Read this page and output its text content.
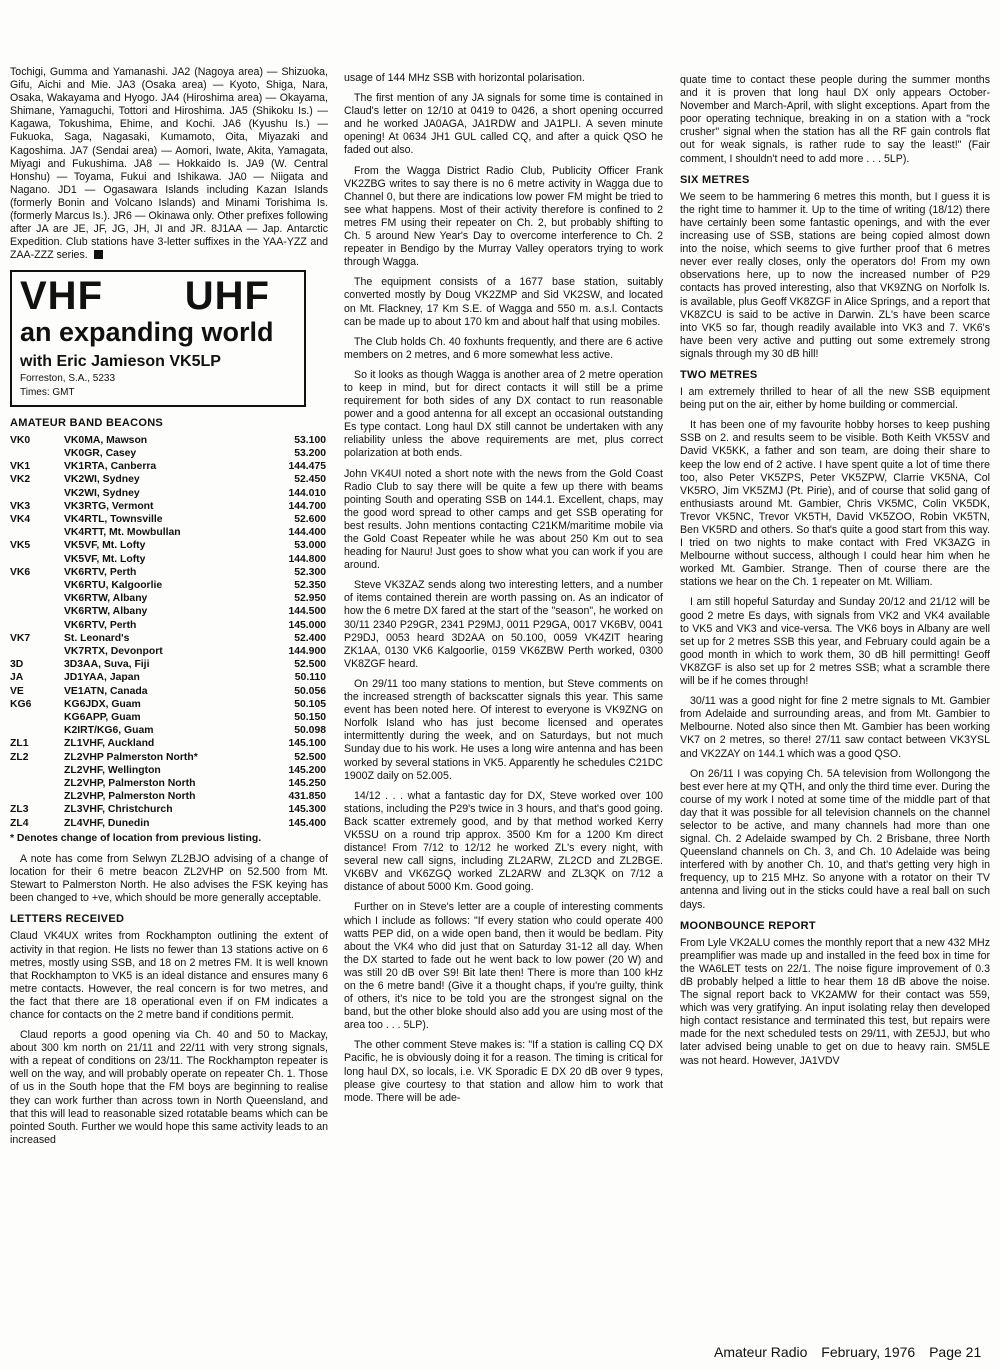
Tochigi, Gumma and Yamanashi. JA2 (Nagoya area) — Shizuoka, Gifu, Aichi and Mie. JA3 (Osaka area) — Kyoto, Shiga, Nara, Osaka, Wakayama and Hyogo. JA4 (Hiroshima area) — Okayama, Shimane, Yamaguchi, Tottori and Hiroshima. JA5 (Shikoku Is.) — Kagawa, Tokushima, Ehime, and Kochi. JA6 (Kyushu Is.) — Fukuoka, Saga, Nagasaki, Kumamoto, Oita, Miyazaki and Kagoshima. JA7 (Sendai area) — Aomori, Iwate, Akita, Yamagata, Miyagi and Fukushima. JA8 — Hokkaido Is. JA9 (W. Central Honshu) — Toyama, Fukui and Ishikawa. JA0 — Niigata and Nagano. JD1 — Ogasawara Islands including Kazan Islands (formerly Bonin and Volcano Islands) and Minami Torishima Is. (formerly Marcus Is.). JR6 — Okinawa only. Other prefixes following after JA are JE, JF, JG, JH, JI and JR. 8J1AA — Jap. Antarctic Expedition. Club stations have 3-letter suffixes in the YAA-YZZ and ZAA-ZZZ series.

VHF UHF
an expanding world
with Eric Jamieson VK5LP
Forreston, S.A., 5233
Times: GMT
AMATEUR BAND BEACONS
VK0	VK0MA, Mawson	53.100
	VK0GR, Casey	53.200
VK1	VK1RTA, Canberra	144.475
VK2	VK2WI, Sydney	52.450
	VK2WI, Sydney	144.010
VK3	VK3RTG, Vermont	144.700
VK4	VK4RTL, Townsville	52.600
	VK4RTT, Mt. Mowbullan	144.400
VK5	VK5VF, Mt. Lofty	53.000
	VK5VF, Mt. Lofty	144.800
VK6	VK6RTV, Perth	52.300
	VK6RTU, Kalgoorlie	52.350
	VK6RTW, Albany	52.950
	VK6RTW, Albany	144.500
	VK6RTV, Perth	145.000
VK7	St. Leonard's	52.400
	VK7RTX, Devonport	144.900
3D	3D3AA, Suva, Fiji	52.500
JA	JD1YAA, Japan	50.110
VE	VE1ATN, Canada	50.056
KG6	KG6JDX, Guam	50.105
	KG6APP, Guam	50.150
	K2IRT/KG6, Guam	50.098
ZL1	ZL1VHF, Auckland	145.100
ZL2	ZL2VHP Palmerston North*	52.500
	ZL2VHF, Wellington	145.200
	ZL2VHP, Palmerston North	145.250
	ZL2VHP, Palmerston North	431.850
ZL3	ZL3VHF, Christchurch	145.300
ZL4	ZL4VHF, Dunedin	145.400
* Denotes change of location from previous listing.

A note has come from Selwyn ZL2BJO advising of a change of location for their 6 metre beacon ZL2VHP on 52.500 from Mt. Stewart to Palmerston North. He also advises the FSK keying has been changed to +ve, which should be more generally acceptable.

LETTERS RECEIVED

Claud VK4UX writes from Rockhampton outlining the extent of activity in that region. He lists no fewer than 13 stations active on 6 metres, mostly using SSB, and 18 on 2 metres FM. It is well known that Rockhampton to VK5 is an ideal distance and ensures many 6 metre contacts. However, the real concern is for two metres, and the fact that there are 18 operational even if on FM indicates a chance for contacts on the 2 metre band if conditions permit.

Claud reports a good opening via Ch. 40 and 50 to Mackay, about 300 km north on 21/11 and 22/11 with very strong signals, with a repeat of conditions on 23/11. The Rockhampton repeater is well on the way, and will probably operate on repeater Ch. 1. Those of us in the South hope that the FM boys are beginning to realise they can work further than across town in North Queensland, and that this will lead to reasonable sized rotatable beams which can be pointed South. Further we would hope this same activity leads to an increased

usage of 144 MHz SSB with horizontal polarisation.

The first mention of any JA signals for some time is contained in Claud's letter on 12/10 at 0419 to 0426, a short opening occurred and he worked JA0AGA, JA1RDW and JA1PLI. A seven minute opening! At 0634 JH1 GUL called CQ, and after a quick QSO he faded out also.

From the Wagga District Radio Club, Publicity Officer Frank VK2ZBG writes to say there is no 6 metre activity in Wagga due to Channel 0, but there are indications low power FM might be tried to see what happens. Most of their activity therefore is confined to 2 metres FM using their repeater on Ch. 2, but probably shifting to Ch. 5 around New Year's Day to overcome interference to Ch. 2 repeater in Bendigo by the Murray Valley operators trying to work through Wagga.

The equipment consists of a 1677 base station, suitably converted mostly by Doug VK2ZMP and Sid VK2SW, and located on Mt. Flackney, 17 Km S.E. of Wagga and 550 m. a.s.l. Contacts can be made up to about 170 km and about half that using mobiles.

The Club holds Ch. 40 foxhunts frequently, and there are 6 active members on 2 metres, and 6 more somewhat less active.

So it looks as though Wagga is another area of 2 metre operation to keep in mind, but for direct contacts it will still be a prime requirement for both sides of any DX contact to run reasonable power and a good antenna for all except an occasional outstanding Es type contact. Long haul DX still cannot be undertaken with any reliability unless the above requirements are met, plus correct polarization at both ends.

John VK4UI noted a short note with the news from the Gold Coast Radio Club to say there will be quite a few up there with beams pointing South and operating SSB on 144.1. Excellent, chaps, may the good word spread to other camps and get SSB operating for best results. John mentions contacting C21KM/maritime mobile via the Gold Coast Repeater while he was about 250 Km out to sea heading for Nauru! Just goes to show what you can work if you are around.

Steve VK3ZAZ sends along two interesting letters, and a number of items contained therein are worth passing on. As an indicator of how the 6 metre DX fared at the start of the "season", he worked on 30/11 2340 P29GR, 2341 P29MJ, 0011 P29GA, 0017 VK6BV, 0041 P29DJ, 0053 heard 3D2AA on 50.100, 0059 VK4ZIT hearing ZK1AA, 0130 VK6 Kalgoorlie, 0159 VK6ZBW Perth worked, 0300 VK8ZGF heard.

On 29/11 too many stations to mention, but Steve comments on the increased strength of backscatter signals this year. This same event has been noted here. Of interest to everyone is VK9ZNG on Norfolk Island who has just become licensed and operates intermittently during the week, and on Saturdays, but not much Sunday due to his work. He uses a long wire antenna and has been worked by several stations in VK5. Apparently he schedules C21DC 1900Z daily on 52.005.

14/12 . . . what a fantastic day for DX, Steve worked over 100 stations, including the P29's twice in 3 hours, and that's good going. Back scatter extremely good, and by that method worked Kerry VK5SU on a round trip approx. 3500 Km for a 1200 Km direct distance! From 7/12 to 12/12 he worked ZL's every night, with several new call signs, including ZL2ARW, ZL2CD and ZL2BGE. VK6BV and VK6ZGQ worked ZL2ARW and ZL3QK on 7/12 a distance of about 5000 Km. Good going.

Further on in Steve's letter are a couple of interesting comments which I include as follows: "If every station who could operate 400 watts PEP did, on a wide open band, then it would be bedlam. Pity about the VK4 who did just that on Saturday 31-12 all day. When the DX started to fade out he went back to low power (20 W) and was still 20 dB over S9! Bit late then! There is more than 100 kHz on the 6 metre band! (Give it a thought chaps, if you're guilty, think of others, it's nice to be told you are the strongest signal on the band, but the other bloke should also add you are using most of the area too . . . 5LP).

The other comment Steve makes is: "If a station is calling CQ DX Pacific, he is obviously doing it for a reason. The timing is critical for long haul DX, so locals, i.e. VK Sporadic E DX 20 dB over 9 types, please give courtesy to that station and allow him to work that mode. There will be ade-

quate time to contact these people during the summer months and it is proven that long haul DX only appears October-November and March-April, with slight exceptions. Apart from the poor operating technique, breaking in on a station with a "rock crusher" signal when the station has all the RF gain controls flat out for weak signals, is rather rude to say the least!" (Fair comment, I shouldn't need to add more . . . 5LP).

SIX METRES

We seem to be hammering 6 metres this month, but I guess it is the right time to hammer it. Up to the time of writing (18/12) there have certainly been some fantastic openings, and with the ever increasing use of SSB, stations are being copied almost down into the noise, which seems to give further proof that 6 metres never ever really closes, only the operators do! From my own observations here, up to now the increased number of P29 contacts has proved interesting, also that VK9ZNG on Norfolk Is. is available, plus Geoff VK8ZGF in Alice Springs, and a report that VK8ZCU is said to be active in Darwin. ZL's have been scarce into VK5 so far, though readily available into VK3 and 7. VK6's have been very active and putting out some extremely strong signals through my 30 dB hill!

TWO METRES

I am extremely thrilled to hear of all the new SSB equipment being put on the air, either by home building or commercial.

It has been one of my favourite hobby horses to keep pushing SSB on 2. and results seem to be visible. Both Keith VK5SV and David VK5KK, a father and son team, are doing their share to keep the low end of 2 active. I have spent quite a lot of time there too, also Peter VK5ZPS, Peter VK5ZPW, Clarrie VK5NA, Col VK5RO, Jim VK5ZMJ (Pt. Pirie), and of course that solid gang of enthusiasts around Mt. Gambier, Chris VK5MC, Colin VK5DK, Trevor VK5NC, Trevor VK5TH, David VK5ZOO, Robin VK5TN, Ben VK5RD and others. So that's quite a good start from this way. I tried on two nights to make contact with Fred VK3AZG in Melbourne without success, although I could hear him when he worked Mt. Gambier. Strange. Then of course there are the stations we hear on the Ch. 1 repeater on Mt. William.

I am still hopeful Saturday and Sunday 20/12 and 21/12 will be good 2 metre Es days, with signals from VK2 and VK4 available to VK5 and VK3 and vice-versa. The VK6 boys in Albany are well set up for 2 metres SSB this year, and February could again be a good month in which to work them, 30 dB hill permitting! Geoff VK8ZGF is also set up for 2 metres SSB; what a scramble there will be if he comes through!

30/11 was a good night for fine 2 metre signals to Mt. Gambier from Adelaide and surrounding areas, and from Mt. Gambier to Melbourne. Noted also since then Mt. Gambier has been working VK7 on 2 metres, so there! 27/11 saw contact between VK3YSL and VK2ZAY on 144.1 which was a good QSO.

On 26/11 I was copying Ch. 5A television from Wollongong the best ever here at my QTH, and only the third time ever. During the course of my work I noted at some time of the middle part of that day that it was possible for all television channels on the channel selector to be active, and many channels had more than one signal. Ch. 2 Adelaide swamped by Ch. 2 Brisbane, three North Queensland channels on Ch. 3, and Ch. 10 Adelaide was being interfered with by another Ch. 10, and that's getting very high in frequency, up to 215 MHz. So anyone with a rotator on their TV antenna and living out in the sticks could have a real ball on such days.

MOONBOUNCE REPORT

From Lyle VK2ALU comes the monthly report that a new 432 MHz preamplifier was made up and installed in the feed box in time for the WA6LET tests on 22/1. The noise figure improvement of 0.3 dB probably helped a little to hear them 18 dB above the noise. The signal report back to VK2AMW for their contact was 559, which was very gratifying. An input isolating relay then developed high contact resistance and terminated this test, but repairs were made for the next scheduled tests on 29/11, with ZE5JJ, but who later advised being unable to get on due to heavy rain. SM5LE was not heard. However, JA1VDV

Amateur Radio February, 1976 Page 21
